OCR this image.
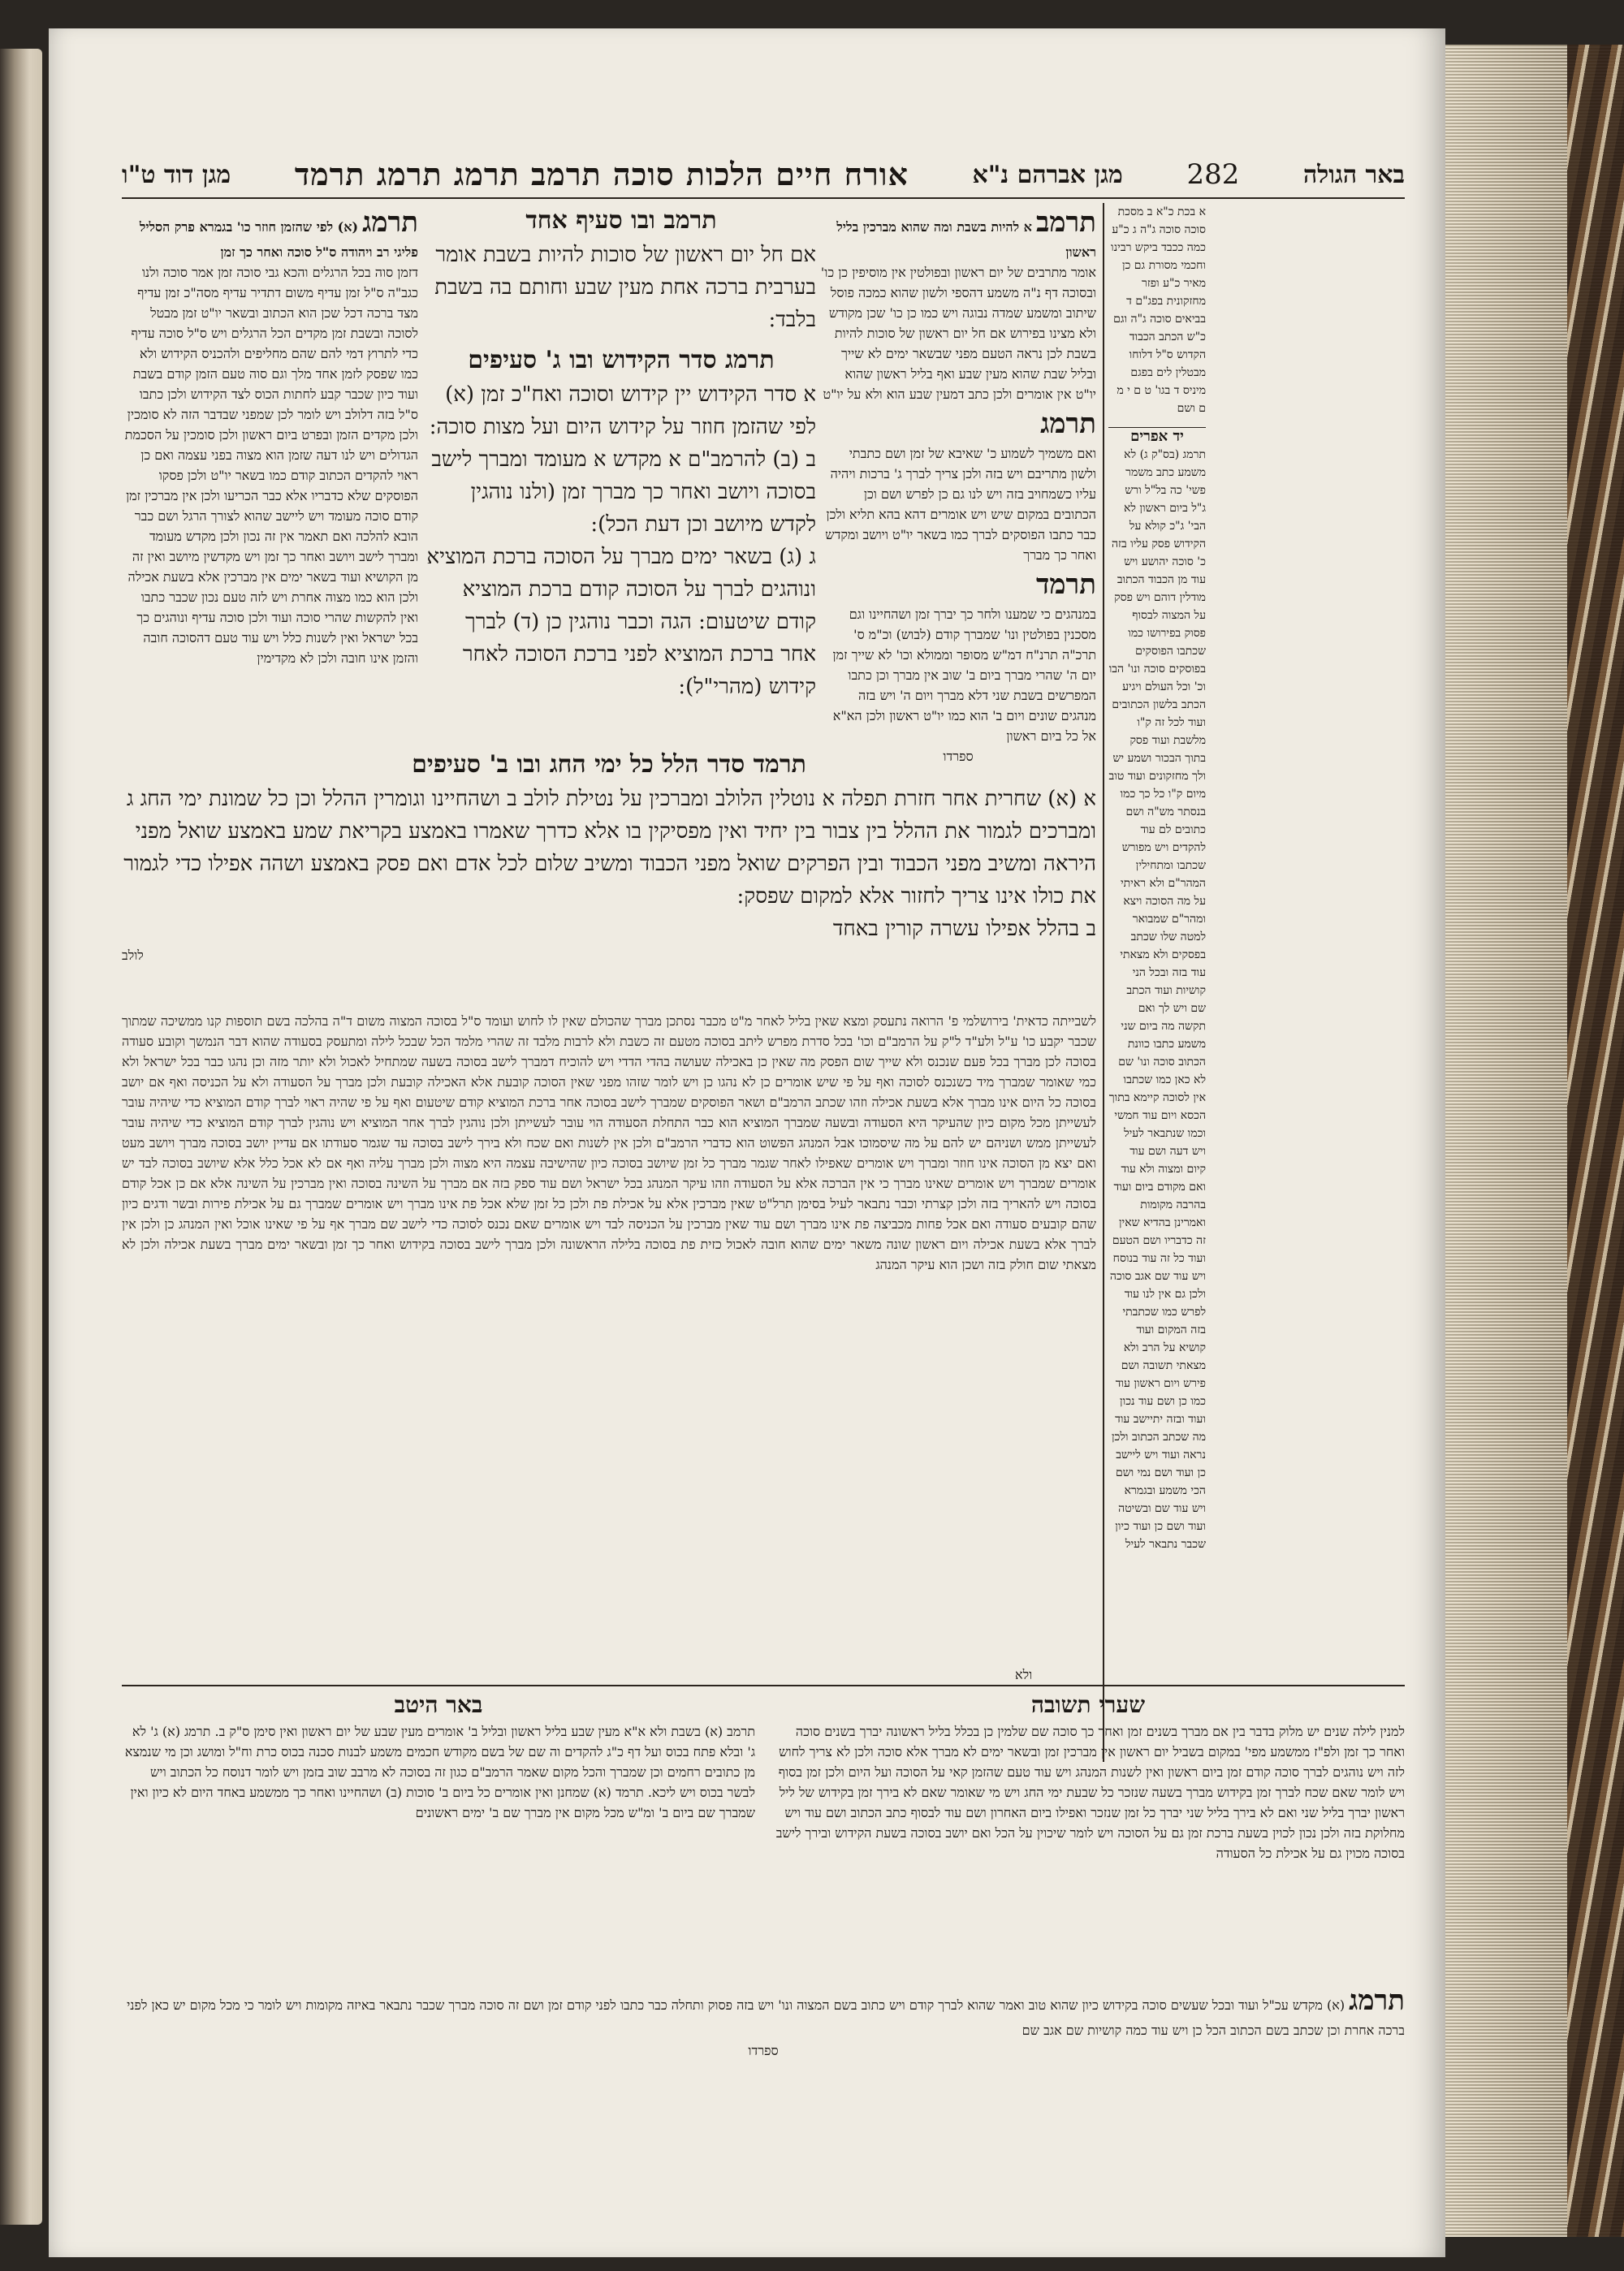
באר הגולה
282
מגן אברהם נ"א
אורח חיים הלכות סוכה תרמב תרמג תרמג תרמד
מגן דוד ט"ו

א בכת כ"א ב מסכת סוכה סוכה ג"ה ג כ"ע כמה ככבד ביקש רבינו וחכמי מסורת גם כן מאיר כ"ע ופזר מחזקונית בפג"ם ד בביאים סוכה ג"ה וגם כ"ש הכתב הכבוד הקדוש ס"ל דלוחו מבטלין לים בפגם מיניס ד בגו' ט ם י מ ם ושם

יד אפרים

תרמג (בס"ק ג) לא משמע כתב משמר פשי' כה בל"ל ורש ג"ל ביום ראשון לא הבי' ג"כ קולא על הקידוש פסק עליו בזה כ' סוכה יהושע ויש עוד מן הכבוד הכתוב מודלין דוהם ויש פסק על המצוה לבסוף פסוק בפירושו כמו שכתבו הפוסקים בפוסקים סוכה ונו' הבו וכ' וכל העולם ויגיע הכתב בלשון הכתובים ועוד לכל זה ק"ו מלשבת ועוד פסק בתוך הבכור ושמע יש ולך מחזקונים ועוד טוב מיום ק"ו כל כך כמו בנסתר מש"ה ושם כתובים לם עוד להקדים ויש מפורש שכתבו ומתחילין המהר"ם ולא ראיתי על מה הסוכה ויצא ומהר"ם שמבואר למטה שלו שכתב בפסקים ולא מצאתי עוד בזה ובכל הני קושיות ועוד הכתב שם ויש לך ואם תקשה מה ביום שני משמע כתבו כוונת הכתוב סוכה ונו' שם לא כאן כמו שכתבו אין לסוכה קיימא בתוך הכסא ויום עוד חמשי וכמו שנתבאר לעיל ויש דעה ושם עוד קיום ומצוה ולא עוד ואם מקודם ביום ועוד בהרבה מקומות ואמרינן בהדיא שאין זה כדבריו ושם הטעם ועוד כל זה עוד בנוסח ויש עוד שם אגב סוכה ולכן גם אין לנו עוד לפרש כמו שכתבתי בזה המקום ועוד קושיא על הרב ולא מצאתי תשובה ושם פירש ויום ראשון עוד כמו כן ושם עוד נכון ועוד ובזה יתיישב עוד מה שכתב הכתוב ולכן נראה ועוד ויש ליישב כן ועוד ושם נמי ושם הכי משמע ובגמרא ויש עוד שם ובשיטה ועוד ושם כן ועוד כיון שכבר נתבאר לעיל

תרמב א להיות בשבת ומה שהוא מברכין בליל ראשון

אומר מתרבים של יום ראשון ובפולטין אין מוסיפין כן כו' ובסוכה דף נ"ה משמע דהספי ולשון שהוא כמכה פוסל שיתוב ומשמע שמדה נבוגה ויש כמו כן כו' שכן מקודש ולא מצינו בפירוש אם חל יום ראשון של סוכות להיות בשבת לכן נראה הטעם מפני שבשאר ימים לא שייך ובליל שבת שהוא מעין שבע ואף בליל ראשון שהוא יו"ט אין אומרים ולכן כתב דמעין שבע הוא ולא על יו"ט

תרמג

ואם משמיך לשמוע כ' שאיבא של זמן ושם כתבתי ולשון מתריבם ויש בזה ולכן צריך לברך ג' ברכות ויהיה עליו כשמחויב בזה ויש לנו גם כן לפרש ושם וכן הכתובים במקום שיש ויש אומרים דהא בהא תליא ולכן כבר כתבו הפוסקים לברך כמו בשאר יו"ט ויושב ומקדש ואחר כך מברך

תרמד

במנהגים כי שמענו ולחר כך יברך זמן ושהחיינו וגם מסכנין בפולטין ונו' שמברך קודם (לבוש) וכ"מ ס' תרכ"ה תרנ"ח דמ"ש מסופר וממולא וכו' לא שייך זמן יום ה' שהרי מברך ביום ב' שוב אין מברך וכן כתבו המפרשים בשבת שני דלא מברך ויום ה' ויש בזה מנהגים שונים ויום ב' הוא כמו יו"ט ראשון ולכן הא"א אל כל ביום ראשון

ספרדו

תרמב ובו סעיף אחד

אם חל יום ראשון של סוכות להיות בשבת אומר בערבית ברכה אחת מעין שבע וחותם בה בשבת בלבד:

תרמג סדר הקידוש ובו ג' סעיפים

א סדר הקידוש יין קידוש וסוכה ואח"כ זמן (א) לפי שהזמן חוזר על קידוש היום ועל מצות סוכה:

ב (ב) להרמב"ם א מקדש א מעומד ומברך לישב בסוכה ויושב ואחר כך מברך זמן (ולנו נוהגין לקדש מיושב וכן דעת הכל):

ג (ג) בשאר ימים מברך על הסוכה ברכת המוציא ונוהגים לברך על הסוכה קודם ברכת המוציא קודם שיטעום: הגה וכבר נוהגין כן (ד) לברך אחר ברכת המוציא לפני ברכת הסוכה לאחר קידוש (מהרי"ל):

תרמג (א) לפי שהזמן חוזר כו' בגמרא פרק הסליל פליגי רב ויהודה ס"ל סוכה ואחר כך זמן

דזמן סוה בכל הרגלים והכא גבי סוכה זמן אמר סוכה ולנו כגב"ה ס"ל זמן עדיף משום דתדיר עדיף מסה"כ זמן עדיף מצד ברכה דכל שכן הוא הכתוב ובשאר יו"ט זמן מבטל לסוכה ובשבת זמן מקדים הכל הרגלים ויש ס"ל סוכה עדיף כדי לתרוץ דמי להם שהם מחליפים ולהכניס הקידוש ולא כמו שפסק לזמן אחד מלך וגם סוה טעם הזמן קודם בשבת ועוד כיון שכבר קבע לחתות הכוס לצד הקידוש ולכן כתבו ס"ל בזה דלולב ויש לומר לכן שמפני שבדבר הזה לא סומכין ולכן מקדים הזמן ובפרט ביום ראשון ולכן סומכין על הסכמת הגדולים ויש לנו דעה שזמן הוא מצוה בפני עצמה ואם כן ראוי להקדים הכתוב קודם כמו בשאר יו"ט ולכן פסקו הפוסקים שלא כדבריו אלא כבר הכריעו ולכן אין מברכין זמן קודם סוכה מעומד ויש ליישב שהוא לצורך הרגל ושם כבר הובא להלכה ואם תאמר אין זה נכון ולכן מקדש מעומד ומברך לישב ויושב ואחר כך זמן ויש מקדשין מיושב ואין זה מן הקושיא ועוד בשאר ימים אין מברכין אלא בשעת אכילה ולכן הוא כמו מצוה אחרת ויש לזה טעם נכון שכבר כתבו ואין להקשות שהרי סוכה ועוד ולכן סוכה עדיף ונוהגים כך בכל ישראל ואין לשנות כלל ויש עוד טעם דהסוכה חובה והזמן אינו חובה ולכן לא מקדימין

תרמד סדר הלל כל ימי החג ובו ב' סעיפים

א (א) שחרית אחר חזרת תפלה א נוטלין הלולב ומברכין על נטילת לולב ב ושהחיינו וגומרין ההלל וכן כל שמונת ימי החג ג ומברכים לגמור את ההלל בין צבור בין יחיד ואין מפסיקין בו אלא כדרך שאמרו באמצע בקריאת שמע באמצע שואל מפני היראה ומשיב מפני הכבוד ובין הפרקים שואל מפני הכבוד ומשיב שלום לכל אדם ואם פסק באמצע ושהה אפילו כדי לגמור את כולו אינו צריך לחזור אלא למקום שפסק:

ב בהלל אפילו עשרה קורין באחד

לולב

לשבייתה כדאית' בירושלמי פ' הרואה נתעסק ומצא שאין בליל לאחר מ"ט מכבר נסתכן מברך שהכולם שאין לו לחוש ועומד ס"ל בסוכה המצוה משום ד"ה בהלכה בשם תוספות קנו ממשיכה שמתוך שכבר יקבע כו' ע"ל ולע"ד ל"ק על הרמב"ם וכו' בכל סדרת מפרש ליתב בסוכה מטעם זה כשבת ולא לרבות מלבד זה שהרי מלמד הכל שבכל לילה ומתעסק בסעודה שהוא דבר הנמשך וקובע סעודה בסוכה לכן מברך בכל פעם שנכנס ולא שייך שום הפסק מה שאין כן באכילה שעושה בהדי הדדי ויש להוכיח דמברך לישב בסוכה בשעה שמתחיל לאכול ולא יותר מזה וכן נהגו כבר בכל ישראל ולא כמי שאומר שמברך מיד כשנכנס לסוכה ואף על פי שיש אומרים כן לא נהגו כן ויש לומר שזהו מפני שאין הסוכה קובעת אלא האכילה קובעת ולכן מברך על הסעודה ולא על הכניסה ואף אם יושב בסוכה כל היום אינו מברך אלא בשעת אכילה וזהו שכתב הרמב"ם ושאר הפוסקים שמברך לישב בסוכה אחר ברכת המוציא קודם שיטעום ואף על פי שהיה ראוי לברך קודם המוציא כדי שיהיה עובר לעשייתן מכל מקום כיון שהעיקר היא הסעודה ובשעה שמברך המוציא הוא כבר התחלת הסעודה הוי עובר לעשייתן ולכן נוהגין לברך אחר המוציא ויש נוהגין לברך קודם המוציא כדי שיהיה עובר לעשייתן ממש ושניהם יש להם על מה שיסמוכו אבל המנהג הפשוט הוא כדברי הרמב"ם ולכן אין לשנות ואם שכח ולא בירך לישב בסוכה עד שגמר סעודתו אם עדיין יושב בסוכה מברך ויושב מעט ואם יצא מן הסוכה אינו חוזר ומברך ויש אומרים שאפילו לאחר שגמר מברך כל זמן שיושב בסוכה כיון שהישיבה עצמה היא מצוה ולכן מברך עליה ואף אם לא אכל כלל אלא שיושב בסוכה לבד יש אומרים שמברך ויש אומרים שאינו מברך כי אין הברכה אלא על הסעודה וזהו עיקר המנהג בכל ישראל ושם עוד ספק בזה אם מברך על השינה בסוכה ואין מברכין על השינה אלא אם כן אכל קודם בסוכה ויש להאריך בזה ולכן קצרתי וכבר נתבאר לעיל בסימן תרל"ט שאין מברכין אלא על אכילת פת ולכן כל זמן שלא אכל פת אינו מברך ויש אומרים שמברך גם על אכילת פירות ובשר ודגים כיון שהם קובעים סעודה ואם אכל פחות מכביצה פת אינו מברך ושם עוד שאין מברכין על הכניסה לבד ויש אומרים שאם נכנס לסוכה כדי לישב שם מברך אף על פי שאינו אוכל ואין המנהג כן ולכן אין לברך אלא בשעת אכילה ויום ראשון שונה משאר ימים שהוא חובה לאכול כזית פת בסוכה בלילה הראשונה ולכן מברך לישב בסוכה בקידוש ואחר כך זמן ובשאר ימים מברך בשעת אכילה ולכן לא מצאתי שום חולק בזה ושכן הוא עיקר המנהג

ולא

שערי תשובה

למנין לילה שנים יש מלוק בדבר בין אם מברך בשנים זמן ואחר כך סוכה שם שלמין כן בכלל בליל ראשונה יברך בשנים סוכה ואחר כך זמן ולפ"ז ממשמע מפי' במקום בשביל יום ראשון אין מברכין זמן ובשאר ימים לא מברך אלא סוכה ולכן לא צריך לחוש לזה ויש נוהגים לברך סוכה קודם זמן ביום ראשון ואין לשנות המנהג ויש עוד טעם שהזמן קאי על הסוכה ועל היום ולכן זמן בסוף ויש לומר שאם שכח לברך זמן בקידוש מברך בשעה שנזכר כל שבעת ימי החג ויש מי שאומר שאם לא בירך זמן בקידוש של ליל ראשון יברך בליל שני ואם לא בירך בליל שני יברך כל זמן שנזכר ואפילו ביום האחרון ושם עוד לבסוף כתב הכתוב ושם עוד ויש מחלוקת בזה ולכן נכון לכוין בשעת ברכת זמן גם על הסוכה ויש לומר שיכוין על הכל ואם יושב בסוכה בשעת הקידוש ובירך לישב בסוכה מכוין גם על אכילת כל הסעודה

באר היטב

תרמב (א) בשבת ולא א"א מעין שבע בליל ראשון ובליל ב' אומרים מעין שבע של יום ראשון ואין סימן ס"ק ב. תרמג (א) ג' לא ג' ובלא פתח בכוס ועל דף כ"ג להקדים וה שם של בשם מקודש חכמים משמע לבנות סכנה בכוס כרת וח"ל ומושג וכן מי שנמצא מן כתובים רחמים וכן שמברך והכל מקום שאמר הרמב"ם כגון זה בסוכה לא מרבב שוב בזמן ויש לומר דנוסח כל הכתוב ויש לבשר בכוס ויש ליכא. תרמד (א) שמחנן ואין אומרים כל ביום ב' סוכות (ב) ושהחיינו ואחר כך ממשמע באחד היום לא כיון ואין שמברך שם ביום ב' ומ"ש מכל מקום אין מברך שם ב' ימים ראשונים

תרמג (א) מקדש עכ"ל ועוד ובכל שעשים סוכה בקידוש כיון שהוא טוב ואמר שהוא לברך קודם ויש כתוב בשם המצוה ונו' ויש בזה פסוק ותחלה כבר כתבו לפני קודם זמן ושם זה סוכה מברך שכבר נתבאר באיזה מקומות ויש לומר כי מכל מקום יש כאן לפני ברכה אחרת וכן שכתב בשם הכתוב הכל כן ויש עוד כמה קושיות שם אגב שם

ספרדו
